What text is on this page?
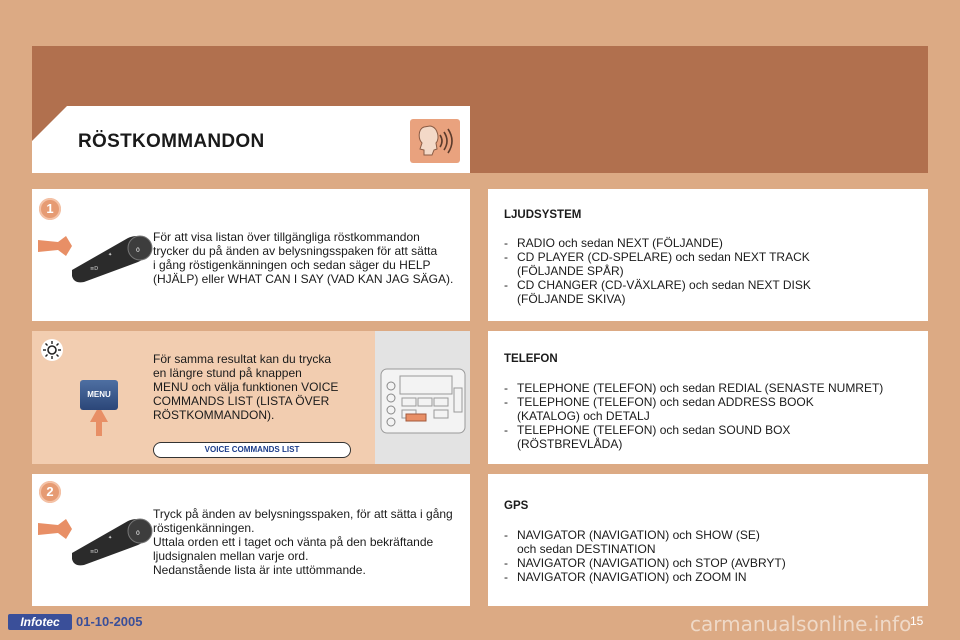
RÖSTKOMMANDON
1
0
✦
≡D
För att visa listan över tillgängliga röstkommandon
trycker du på änden av belysningsspaken för att sätta
i gång röstigenkänningen och sedan säger du HELP
(HJÄLP) eller WHAT CAN I SAY (VAD KAN JAG SÄGA).
MENU
För samma resultat kan du trycka
en längre stund på knappen
MENU och välja funktionen VOICE
COMMANDS LIST (LISTA ÖVER
RÖSTKOMMANDON).
VOICE COMMANDS LIST
2
0
✦
≡D
Tryck på änden av belysningsspaken, för att sätta i gång
röstigenkänningen.
Uttala orden ett i taget och vänta på den bekräftande
ljudsignalen mellan varje ord.
Nedanstående lista är inte uttömmande.
LJUDSYSTEM
- RADIO och sedan NEXT (FÖLJANDE)
- CD PLAYER (CD-SPELARE) och sedan NEXT TRACK
(FÖLJANDE SPÅR)
- CD CHANGER (CD-VÄXLARE) och sedan NEXT DISK
(FÖLJANDE SKIVA)
TELEFON
- TELEPHONE (TELEFON) och sedan REDIAL (SENASTE NUMRET)
- TELEPHONE (TELEFON) och sedan ADDRESS BOOK
(KATALOG) och DETALJ
- TELEPHONE (TELEFON) och sedan SOUND BOX
(RÖSTBREVLÅDA)
GPS
- NAVIGATOR (NAVIGATION) och SHOW (SE)
och sedan DESTINATION
- NAVIGATOR (NAVIGATION) och STOP (AVBRYT)
- NAVIGATOR (NAVIGATION) och ZOOM IN
Infotec	01-10-2005	carmanualsonline.info
15
